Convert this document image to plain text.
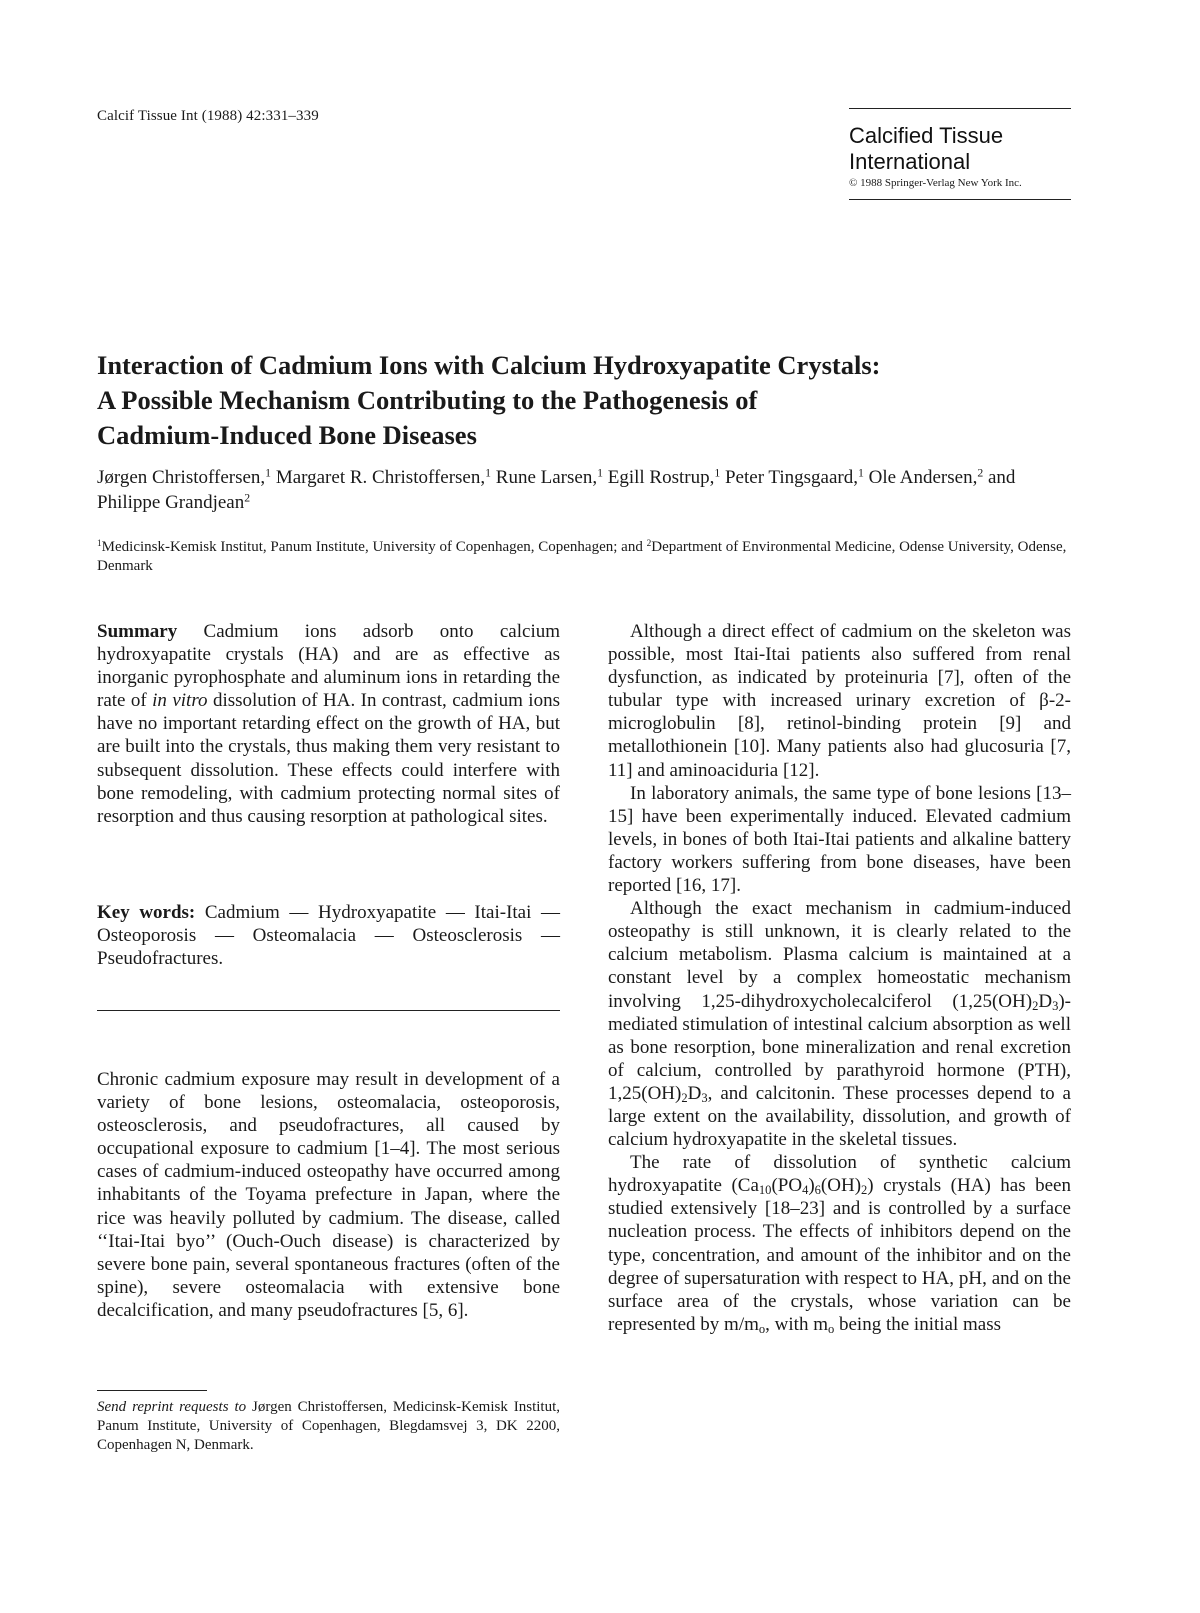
Calcif Tissue Int (1988) 42:331–339
Calcified Tissue
International
© 1988 Springer-Verlag New York Inc.
Interaction of Cadmium Ions with Calcium Hydroxyapatite Crystals:
A Possible Mechanism Contributing to the Pathogenesis of
Cadmium-Induced Bone Diseases
Jørgen Christoffersen,$^1$ Margaret R. Christoffersen,$^1$ Rune Larsen,$^1$ Egill Rostrup,$^1$ Peter Tingsgaard,$^1$ Ole Andersen,$^2$ and Philippe Grandjean$^2$
$^1$Medicinsk-Kemisk Institut, Panum Institute, University of Copenhagen, Copenhagen; and $^2$Department of Environmental Medicine, Odense University, Odense, Denmark

Summary Cadmium ions adsorb onto calcium hydroxyapatite crystals (HA) and are as effective as inorganic pyrophosphate and aluminum ions in retarding the rate of in vitro dissolution of HA. In contrast, cadmium ions have no important retarding effect on the growth of HA, but are built into the crystals, thus making them very resistant to subsequent dissolution. These effects could interfere with bone remodeling, with cadmium protecting normal sites of resorption and thus causing resorption at pathological sites.

Key words: Cadmium — Hydroxyapatite — Itai-Itai — Osteoporosis — Osteomalacia — Osteosclerosis — Pseudofractures.

Chronic cadmium exposure may result in development of a variety of bone lesions, osteomalacia, osteoporosis, osteosclerosis, and pseudofractures, all caused by occupational exposure to cadmium [1–4]. The most serious cases of cadmium-induced osteopathy have occurred among inhabitants of the Toyama prefecture in Japan, where the rice was heavily polluted by cadmium. The disease, called ‘‘Itai-Itai byo’’ (Ouch-Ouch disease) is characterized by severe bone pain, several spontaneous fractures (often of the spine), severe osteomalacia with extensive bone decalcification, and many pseudofractures [5, 6].

Although a direct effect of cadmium on the skeleton was possible, most Itai-Itai patients also suffered from renal dysfunction, as indicated by proteinuria [7], often of the tubular type with increased urinary excretion of β-2-microglobulin [8], retinol-binding protein [9] and metallothionein [10]. Many patients also had glucosuria [7, 11] and aminoaciduria [12].

In laboratory animals, the same type of bone lesions [13–15] have been experimentally induced. Elevated cadmium levels, in bones of both Itai-Itai patients and alkaline battery factory workers suffering from bone diseases, have been reported [16, 17].

Although the exact mechanism in cadmium-induced osteopathy is still unknown, it is clearly related to the calcium metabolism. Plasma calcium is maintained at a constant level by a complex homeostatic mechanism involving 1,25-dihydroxycholecalciferol $(1,25(OH)_2D_3)$-mediated stimulation of intestinal calcium absorption as well as bone resorption, bone mineralization and renal excretion of calcium, controlled by parathyroid hormone (PTH), $1,25(OH)_2D_3$, and calcitonin. These processes depend to a large extent on the availability, dissolution, and growth of calcium hydroxyapatite in the skeletal tissues.

The rate of dissolution of synthetic calcium hydroxyapatite $(Ca_{10}(PO_4)_6(OH)_2)$ crystals (HA) has been studied extensively [18–23] and is controlled by a surface nucleation process. The effects of inhibitors depend on the type, concentration, and amount of the inhibitor and on the degree of supersaturation with respect to HA, pH, and on the surface area of the crystals, whose variation can be represented by $m/m_o$, with $m_o$ being the initial mass

Send reprint requests to Jørgen Christoffersen, Medicinsk-Kemisk Institut, Panum Institute, University of Copenhagen, Blegdamsvej 3, DK 2200, Copenhagen N, Denmark.
